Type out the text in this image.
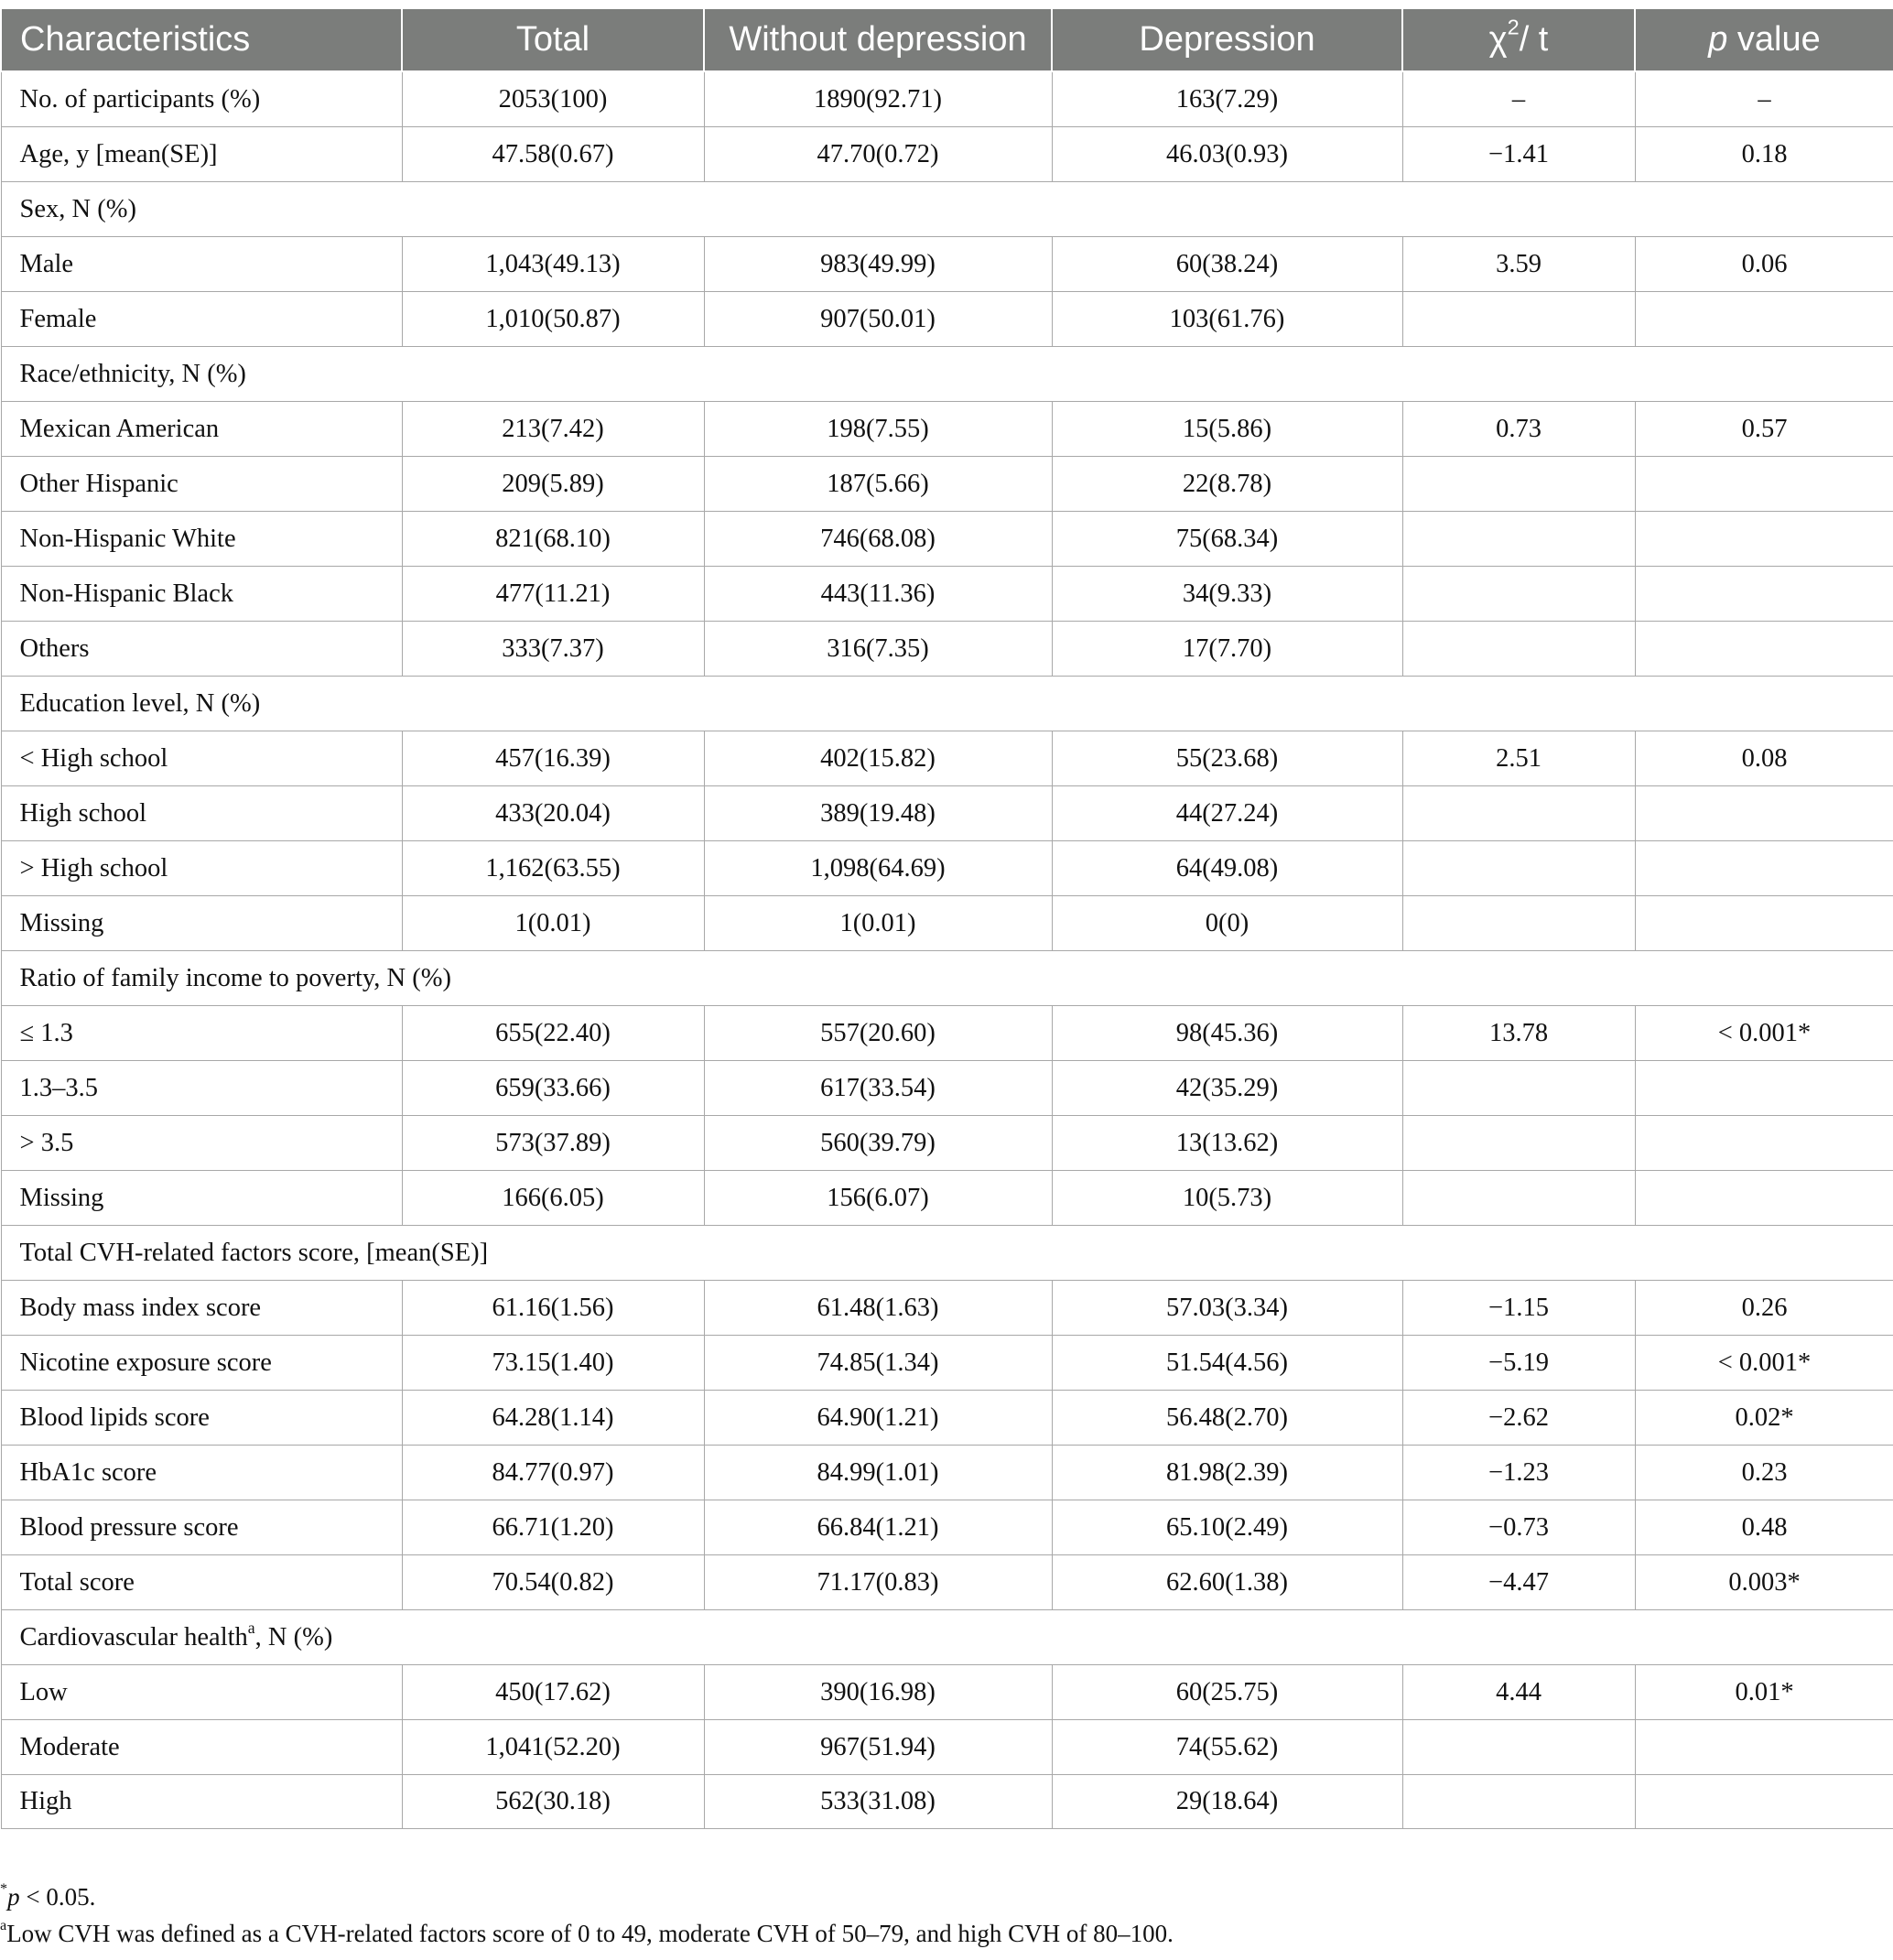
Characteristics	Total	Without depression	Depression	$\chi^2/$ t	p value
No. of participants (%)	2053(100)	1890(92.71)	163(7.29)	–	–
Age, y [mean(SE)]	47.58(0.67)	47.70(0.72)	46.03(0.93)	−1.41	0.18
Sex, N (%)					
Male	1,043(49.13)	983(49.99)	60(38.24)	3.59	0.06
Female	1,010(50.87)	907(50.01)	103(61.76)		
Race/ethnicity, N (%)					
Mexican American	213(7.42)	198(7.55)	15(5.86)	0.73	0.57
Other Hispanic	209(5.89)	187(5.66)	22(8.78)		
Non-Hispanic White	821(68.10)	746(68.08)	75(68.34)		
Non-Hispanic Black	477(11.21)	443(11.36)	34(9.33)		
Others	333(7.37)	316(7.35)	17(7.70)		
Education level, N (%)					
< High school	457(16.39)	402(15.82)	55(23.68)	2.51	0.08
High school	433(20.04)	389(19.48)	44(27.24)		
> High school	1,162(63.55)	1,098(64.69)	64(49.08)		
Missing	1(0.01)	1(0.01)	0(0)		
Ratio of family income to poverty, N (%)					
≤ 1.3	655(22.40)	557(20.60)	98(45.36)	13.78	< 0.001*
1.3–3.5	659(33.66)	617(33.54)	42(35.29)		
> 3.5	573(37.89)	560(39.79)	13(13.62)		
Missing	166(6.05)	156(6.07)	10(5.73)		
Total CVH-related factors score, [mean(SE)]					
Body mass index score	61.16(1.56)	61.48(1.63)	57.03(3.34)	−1.15	0.26
Nicotine exposure score	73.15(1.40)	74.85(1.34)	51.54(4.56)	−5.19	< 0.001*
Blood lipids score	64.28(1.14)	64.90(1.21)	56.48(2.70)	−2.62	0.02*
HbA1c score	84.77(0.97)	84.99(1.01)	81.98(2.39)	−1.23	0.23
Blood pressure score	66.71(1.20)	66.84(1.21)	65.10(2.49)	−0.73	0.48
Total score	70.54(0.82)	71.17(0.83)	62.60(1.38)	−4.47	0.003*
Cardiovascular health$^a$, N (%)					
Low	450(17.62)	390(16.98)	60(25.75)	4.44	0.01*
Moderate	1,041(52.20)	967(51.94)	74(55.62)		
High	562(30.18)	533(31.08)	29(18.64)		
*p < 0.05.
$^a$Low CVH was defined as a CVH-related factors score of 0 to 49, moderate CVH of 50–79, and high CVH of 80–100.
